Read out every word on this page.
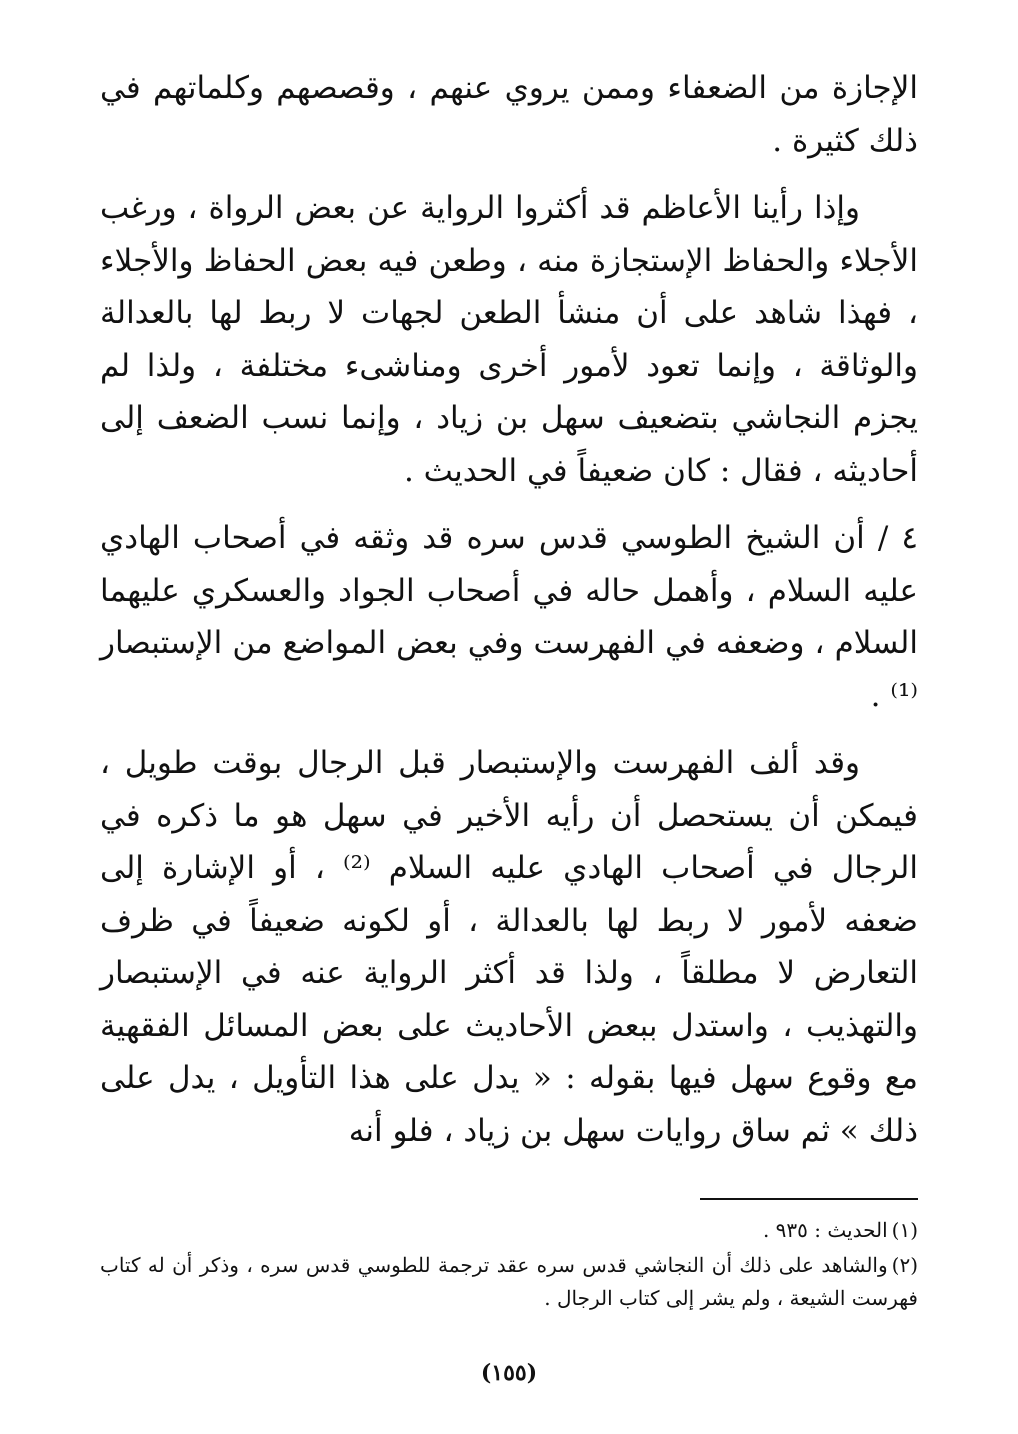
الإجازة من الضعفاء وممن يروي عنهم ، وقصصهم وكلماتهم في ذلك كثيرة .

وإذا رأينا الأعاظم قد أكثروا الرواية عن بعض الرواة ، ورغب الأجلاء والحفاظ الإستجازة منه ، وطعن فيه بعض الحفاظ والأجلاء ، فهذا شاهد على أن منشأ الطعن لجهات لا ربط لها بالعدالة والوثاقة ، وإنما تعود لأمور أخرى ومناشىء مختلفة ، ولذا لم يجزم النجاشي بتضعيف سهل بن زياد ، وإنما نسب الضعف إلى أحاديثه ، فقال : كان ضعيفاً في الحديث .

٤ / أن الشيخ الطوسي قدس سره قد وثقه في أصحاب الهادي عليه السلام ، وأهمل حاله في أصحاب الجواد والعسكري عليهما السلام ، وضعفه في الفهرست وفي بعض المواضع من الإستبصار ⁽¹⁾ .

وقد ألف الفهرست والإستبصار قبل الرجال بوقت طويل ، فيمكن أن يستحصل أن رأيه الأخير في سهل هو ما ذكره في الرجال في أصحاب الهادي عليه السلام ⁽²⁾ ، أو الإشارة إلى ضعفه لأمور لا ربط لها بالعدالة ، أو لكونه ضعيفاً في ظرف التعارض لا مطلقاً ، ولذا قد أكثر الرواية عنه في الإستبصار والتهذيب ، واستدل ببعض الأحاديث على بعض المسائل الفقهية مع وقوع سهل فيها بقوله : « يدل على هذا التأويل ، يدل على ذلك » ثم ساق روايات سهل بن زياد ، فلو أنه

(١)الحديث : ٩٣٥ .

(٢)والشاهد على ذلك أن النجاشي قدس سره عقد ترجمة للطوسي قدس سره ، وذكر أن له كتاب فهرست الشيعة ، ولم يشر إلى كتاب الرجال .

(١٥٥)
